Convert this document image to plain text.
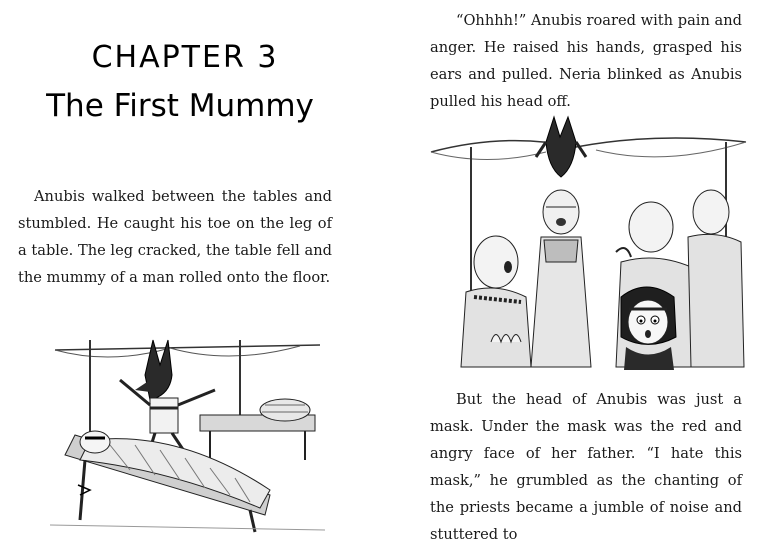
CHAPTER 3
The First Mummy

Anubis walked between the tables and stumbled. He caught his toe on the leg of a table. The leg cracked, the table fell and the mummy of a man rolled onto the floor.

“Ohhhh!” Anubis roared with pain and anger. He raised his hands, grasped his ears and pulled. Neria blinked as Anubis pulled his head off.

But the head of Anubis was just a mask. Under the mask was the red and angry face of her father. “I hate this mask,” he grumbled as the chanting of the priests became a jumble of noise and stuttered to
